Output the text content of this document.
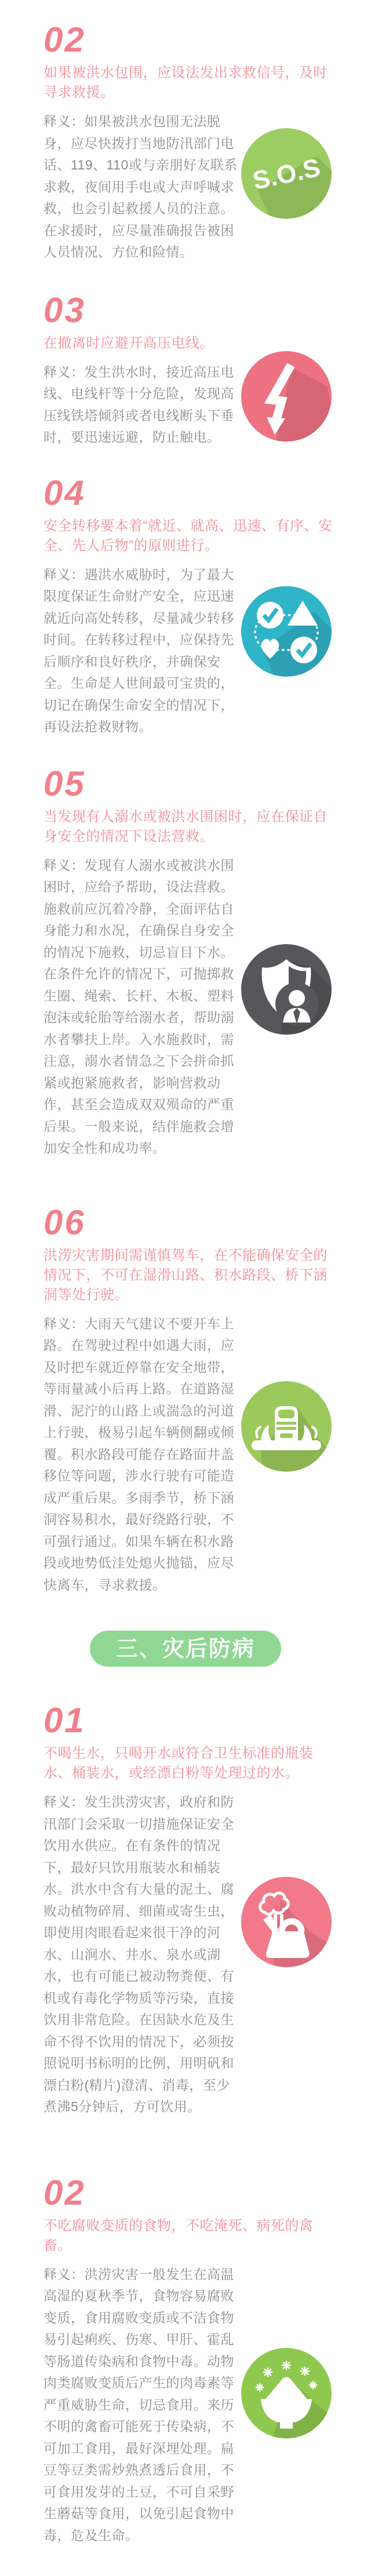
02
如果被洪水包围，应设法发出求救信号，及时寻求救援。
释义：如果被洪水包围无法脱身，应尽快拨打当地防汛部门电话、119、110或与亲朋好友联系求救，夜间用手电或大声呼喊求救，也会引起救援人员的注意。在求援时，应尽量准确报告被困人员情况、方位和险情。
S.O.S
03
在撤离时应避开高压电线。
释义：发生洪水时，接近高压电线、电线杆等十分危险，发现高压线铁塔倾斜或者电线断头下垂时，要迅速远避，防止触电。
04
安全转移要本着“就近、就高、迅速、有序、安全、先人后物”的原则进行。
释义：遇洪水威胁时，为了最大限度保证生命财产安全，应迅速就近向高处转移，尽量减少转移时间。在转移过程中，应保持先后顺序和良好秩序，并确保安全。生命是人世间最可宝贵的，切记在确保生命安全的情况下，再设法抢救财物。
05
当发现有人溺水或被洪水围困时，应在保证自身安全的情况下设法营救。
释义：发现有人溺水或被洪水围困时，应给予帮助，设法营救。施救前应沉着冷静，全面评估自身能力和水况，在确保自身安全的情况下施救，切忌盲目下水。在条件允许的情况下，可抛掷救生圈、绳索、长杆、木板、塑料泡沫或轮胎等给溺水者，帮助溺水者攀扶上岸。入水施救时，需注意，溺水者情急之下会拼命抓紧或抱紧施救者，影响营救动作，甚至会造成双双殒命的严重后果。一般来说，结伴施救会增加安全性和成功率。
06
洪涝灾害期间需谨慎驾车，在不能确保安全的情况下，不可在湿滑山路、积水路段、桥下涵洞等处行驶。
释义：大雨天气建议不要开车上路。在驾驶过程中如遇大雨，应及时把车就近停靠在安全地带，等雨量减小后再上路。在道路湿滑、泥泞的山路上或湍急的河道上行驶，极易引起车辆侧翻或倾覆。积水路段可能存在路面井盖移位等问题，涉水行驶有可能造成严重后果。多雨季节，桥下涵洞容易积水，最好绕路行驶，不可强行通过。如果车辆在积水路段或地势低洼处熄火抛锚，应尽快离车，寻求救援。
三、灾后防病
01
不喝生水，只喝开水或符合卫生标准的瓶装水、桶装水，或经漂白粉等处理过的水。
释义：发生洪涝灾害，政府和防汛部门会采取一切措施保证安全饮用水供应。在有条件的情况下，最好只饮用瓶装水和桶装水。洪水中含有大量的泥土、腐败动植物碎屑、细菌或寄生虫，即使用肉眼看起来很干净的河水、山涧水、井水、泉水或湖水，也有可能已被动物粪便、有机或有毒化学物质等污染，直接饮用非常危险。在因缺水危及生命不得不饮用的情况下，必须按照说明书标明的比例，用明矾和漂白粉(精片)澄清、消毒，至少煮沸5分钟后，方可饮用。
02
不吃腐败变质的食物，不吃淹死、病死的禽畜。
释义：洪涝灾害一般发生在高温高湿的夏秋季节，食物容易腐败变质，食用腐败变质或不洁食物易引起痢疾、伤寒、甲肝、霍乱等肠道传染病和食物中毒。动物肉类腐败变质后产生的肉毒素等严重威胁生命，切忌食用。来历不明的禽畜可能死于传染病，不可加工食用，最好深埋处理。扁豆等豆类需炒熟煮透后食用，不可食用发芽的土豆，不可自采野生蘑菇等食用，以免引起食物中毒，危及生命。
